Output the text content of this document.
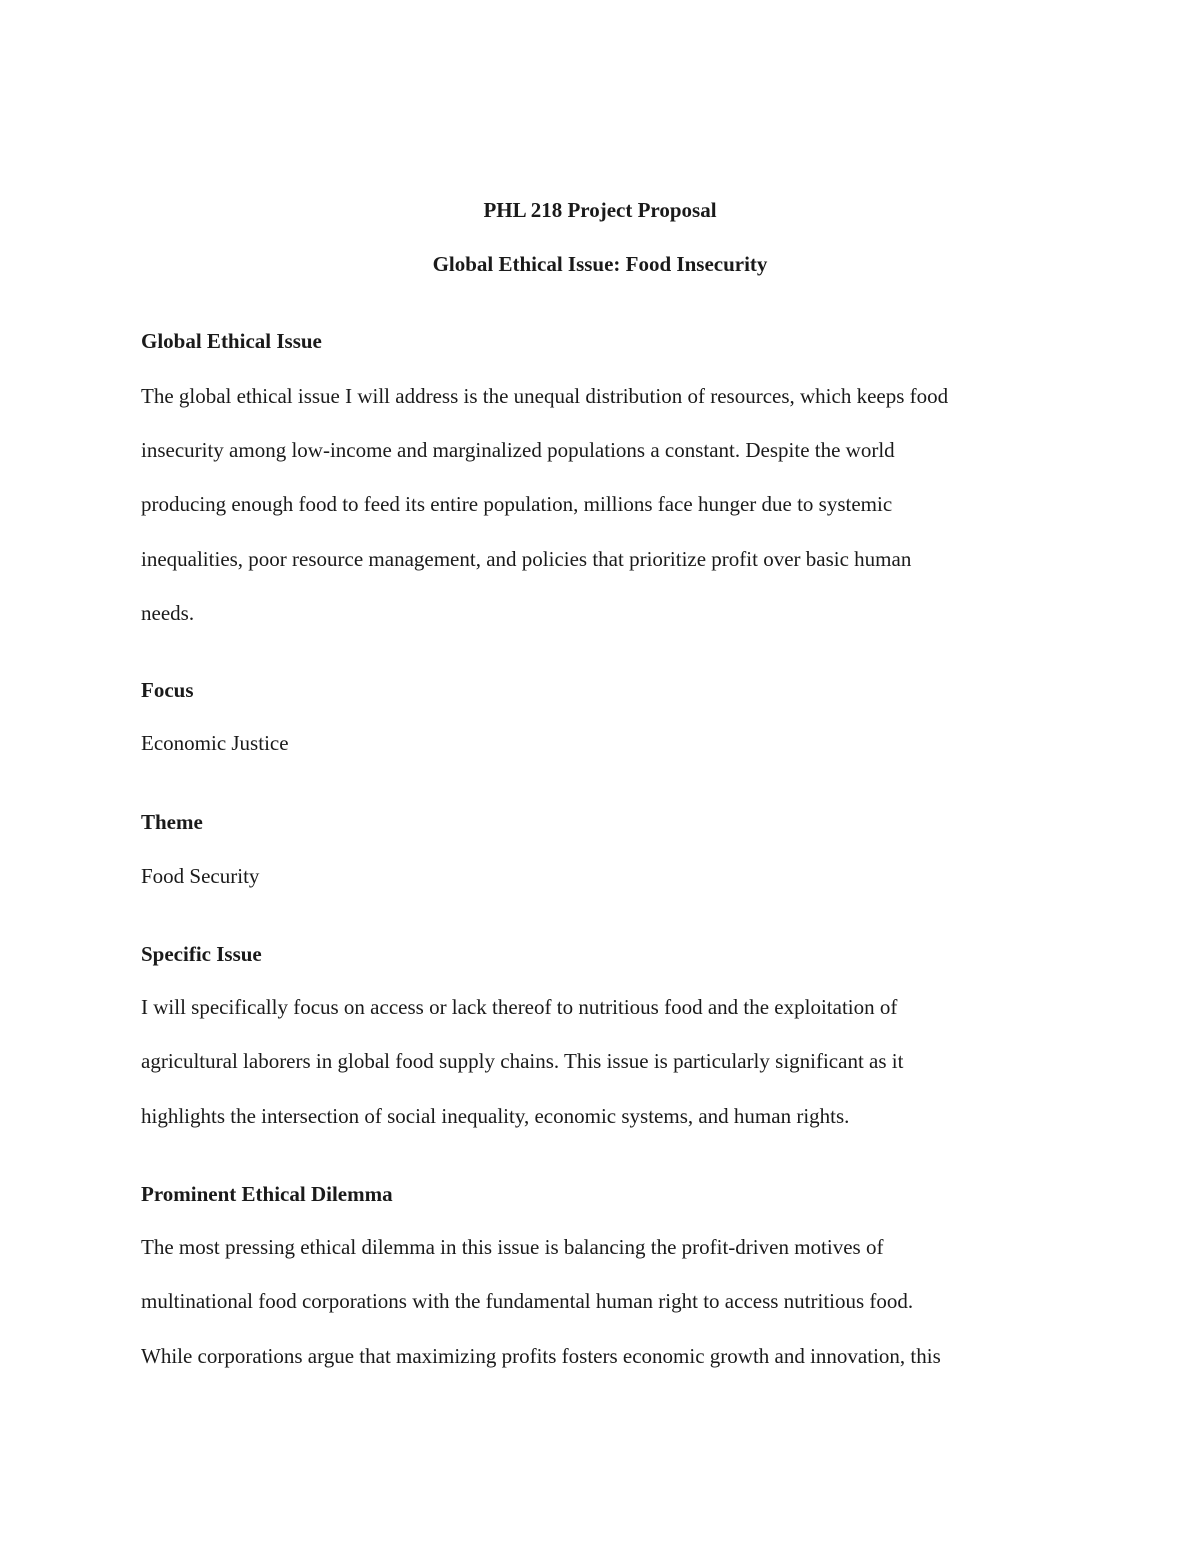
PHL 218 Project Proposal

Global Ethical Issue: Food Insecurity

Global Ethical Issue

The global ethical issue I will address is the unequal distribution of resources, which keeps food

insecurity among low-income and marginalized populations a constant. Despite the world

producing enough food to feed its entire population, millions face hunger due to systemic

inequalities, poor resource management, and policies that prioritize profit over basic human

needs.

Focus

Economic Justice

Theme

Food Security

Specific Issue

I will specifically focus on access or lack thereof to nutritious food and the exploitation of

agricultural laborers in global food supply chains. This issue is particularly significant as it

highlights the intersection of social inequality, economic systems, and human rights.

Prominent Ethical Dilemma

The most pressing ethical dilemma in this issue is balancing the profit-driven motives of

multinational food corporations with the fundamental human right to access nutritious food.

While corporations argue that maximizing profits fosters economic growth and innovation, this
